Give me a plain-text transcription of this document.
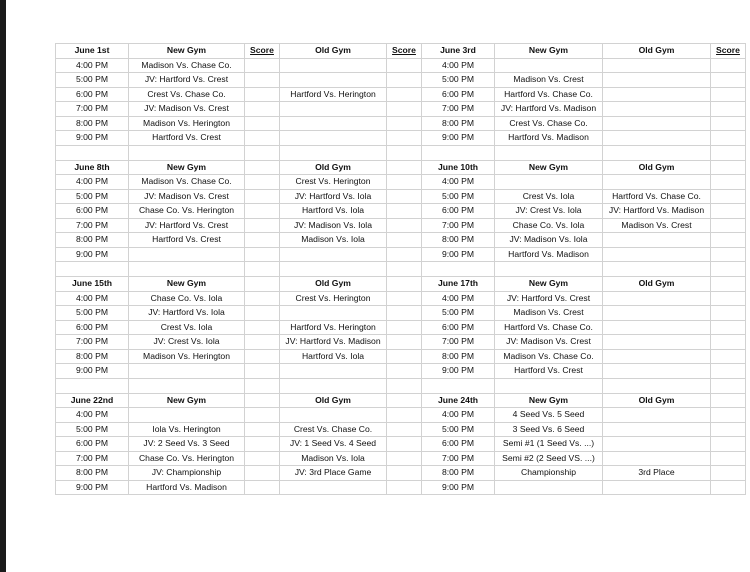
June 1st	New Gym	Score	Old Gym	Score	June 3rd	New Gym	Old Gym	Score
4:00 PM	Madison Vs. Chase Co.				4:00 PM			
5:00 PM	JV: Hartford Vs. Crest				5:00 PM	Madison Vs. Crest		
6:00 PM	Crest Vs. Chase Co.		Hartford Vs. Herington		6:00 PM	Hartford Vs. Chase Co.		
7:00 PM	JV: Madison Vs. Crest				7:00 PM	JV: Hartford Vs. Madison		
8:00 PM	Madison Vs. Herington				8:00 PM	Crest Vs. Chase Co.		
9:00 PM	Hartford Vs. Crest				9:00 PM	Hartford Vs. Madison		

June 8th	New Gym		Old Gym		June 10th	New Gym	Old Gym	
4:00 PM	Madison Vs. Chase Co.		Crest Vs. Herington		4:00 PM			
5:00 PM	JV: Madison Vs. Crest		JV: Hartford Vs. Iola		5:00 PM	Crest Vs. Iola	Hartford Vs. Chase Co.	
6:00 PM	Chase Co. Vs. Herington		Hartford Vs. Iola		6:00 PM	JV: Crest Vs. Iola	JV: Hartford Vs. Madison	
7:00 PM	JV: Hartford Vs. Crest		JV: Madison Vs. Iola		7:00 PM	Chase Co. Vs. Iola	Madison Vs. Crest	
8:00 PM	Hartford Vs. Crest		Madison Vs. Iola		8:00 PM	JV: Madison Vs. Iola		
9:00 PM					9:00 PM	Hartford Vs. Madison		

June 15th	New Gym		Old Gym		June 17th	New Gym	Old Gym	
4:00 PM	Chase Co. Vs. Iola		Crest Vs. Herington		4:00 PM	JV: Hartford Vs. Crest		
5:00 PM	JV: Hartford Vs. Iola				5:00 PM	Madison Vs. Crest		
6:00 PM	Crest Vs. Iola		Hartford Vs. Herington		6:00 PM	Hartford Vs. Chase Co.		
7:00 PM	JV: Crest Vs. Iola		JV: Hartford Vs. Madison		7:00 PM	JV: Madison Vs. Crest		
8:00 PM	Madison Vs. Herington		Hartford Vs. Iola		8:00 PM	Madison Vs. Chase Co.		
9:00 PM					9:00 PM	Hartford Vs. Crest		

June 22nd	New Gym		Old Gym		June 24th	New Gym	Old Gym	
4:00 PM					4:00 PM	4 Seed Vs. 5 Seed		
5:00 PM	Iola Vs. Herington		Crest Vs. Chase Co.		5:00 PM	3 Seed Vs. 6 Seed		
6:00 PM	JV: 2 Seed Vs. 3 Seed		JV: 1 Seed Vs. 4 Seed		6:00 PM	Semi #1 (1 Seed Vs. ...)		
7:00 PM	Chase Co. Vs. Herington		Madison Vs. Iola		7:00 PM	Semi #2 (2 Seed VS. ...)		
8:00 PM	JV: Championship		JV: 3rd Place Game		8:00 PM	Championship	3rd Place	
9:00 PM	Hartford Vs. Madison				9:00 PM			
